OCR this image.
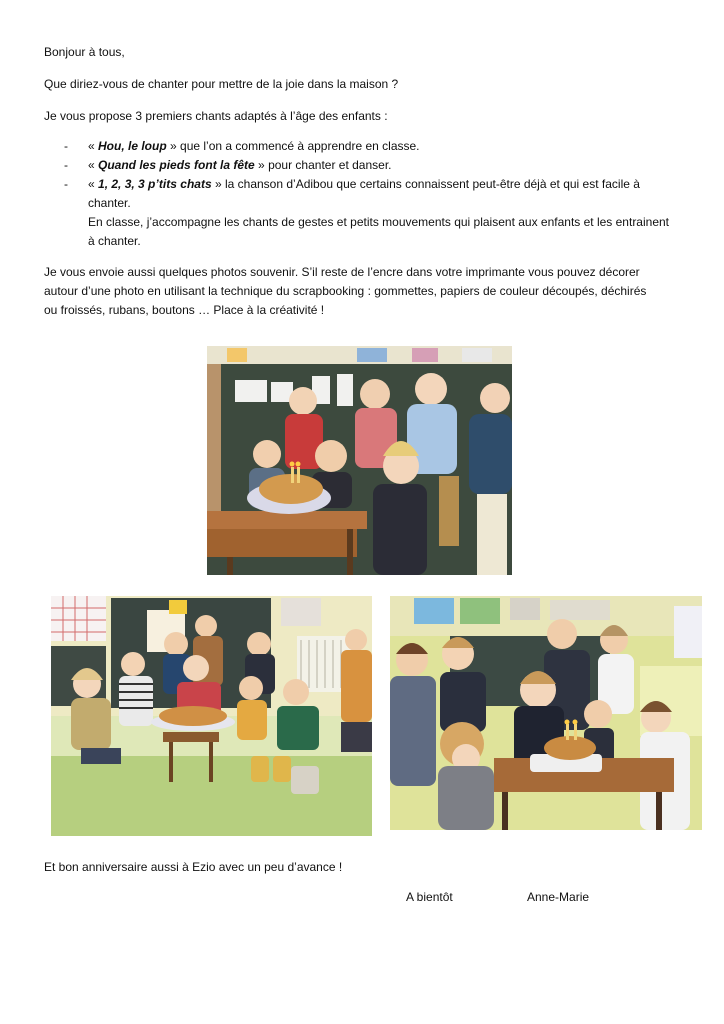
Bonjour à tous,
Que diriez-vous de chanter pour mettre de la joie dans la maison ?
Je vous propose 3 premiers chants adaptés à l’âge des enfants :
- « Hou, le loup » que l’on a commencé à apprendre en classe.
- « Quand les pieds font la fête » pour chanter et danser.
- « 1, 2, 3, 3 p’tits chats » la chanson d’Adibou que certains connaissent peut-être déjà et qui est facile à
chanter.
En classe, j’accompagne les chants de gestes et petits mouvements qui plaisent aux enfants et les entrainent
à chanter.
Je vous envoie aussi quelques photos souvenir. S’il reste de l’encre dans votre imprimante vous pouvez décorer
autour d’une photo en utilisant la technique du scrapbooking : gommettes, papiers de couleur découpés, déchirés
ou froissés, rubans, boutons … Place à la créativité !
Et bon anniversaire aussi à Ezio avec un peu d’avance !
A bientôt	Anne-Marie
